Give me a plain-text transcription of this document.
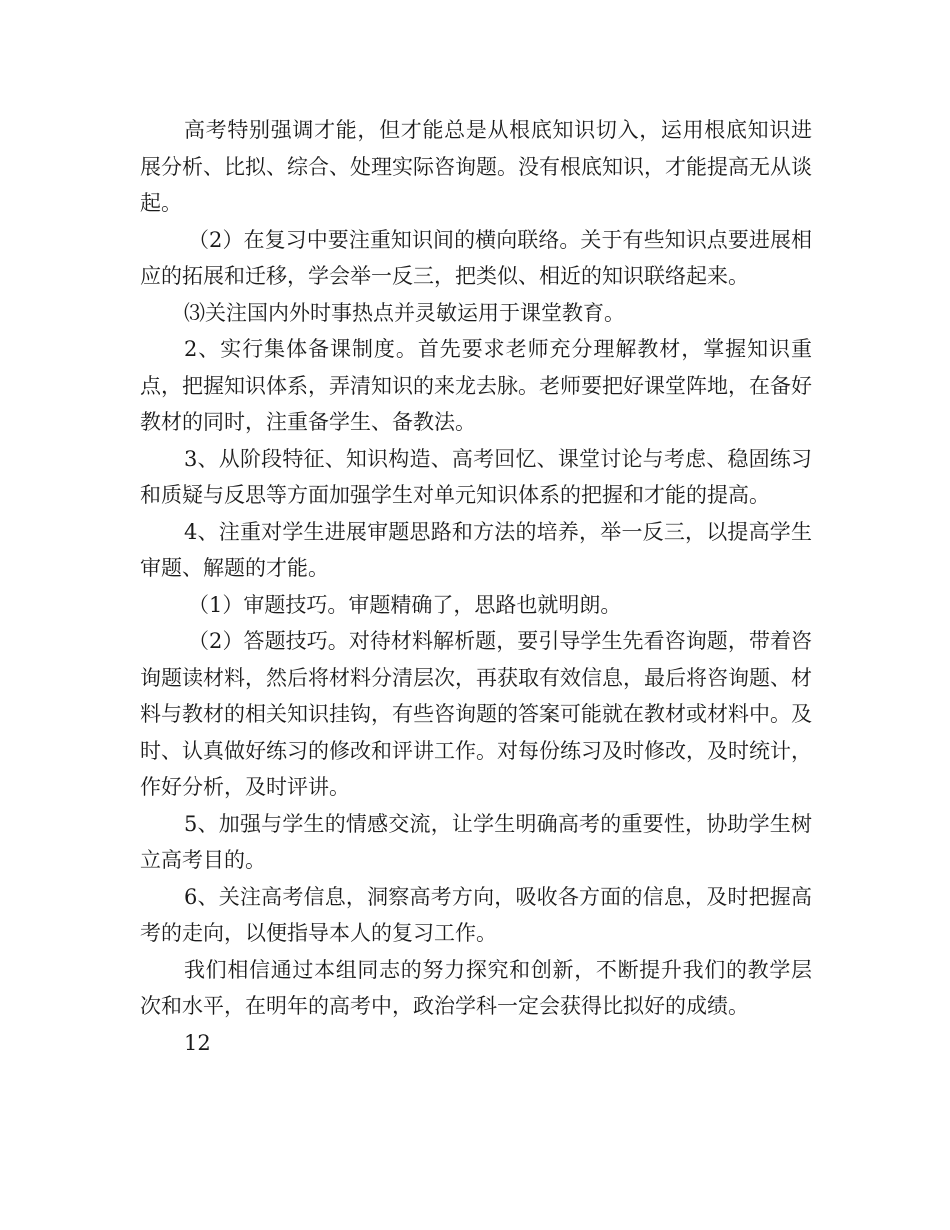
高考特别强调才能，但才能总是从根底知识切入，运用根底知识进展分析、比拟、综合、处理实际咨询题。没有根底知识，才能提高无从谈起。

（2）在复习中要注重知识间的横向联络。关于有些知识点要进展相应的拓展和迁移，学会举一反三，把类似、相近的知识联络起来。

⑶关注国内外时事热点并灵敏运用于课堂教育。

2、实行集体备课制度。首先要求老师充分理解教材，掌握知识重点，把握知识体系，弄清知识的来龙去脉。老师要把好课堂阵地，在备好教材的同时，注重备学生、备教法。

3、从阶段特征、知识构造、高考回忆、课堂讨论与考虑、稳固练习和质疑与反思等方面加强学生对单元知识体系的把握和才能的提高。

4、注重对学生进展审题思路和方法的培养，举一反三，以提高学生审题、解题的才能。

（1）审题技巧。审题精确了，思路也就明朗。

（2）答题技巧。对待材料解析题，要引导学生先看咨询题，带着咨询题读材料，然后将材料分清层次，再获取有效信息，最后将咨询题、材料与教材的相关知识挂钩，有些咨询题的答案可能就在教材或材料中。及时、认真做好练习的修改和评讲工作。对每份练习及时修改，及时统计，作好分析，及时评讲。

5、加强与学生的情感交流，让学生明确高考的重要性，协助学生树立高考目的。

6、关注高考信息，洞察高考方向，吸收各方面的信息，及时把握高考的走向，以便指导本人的复习工作。

我们相信通过本组同志的努力探究和创新，不断提升我们的教学层次和水平，在明年的高考中，政治学科一定会获得比拟好的成绩。

12
